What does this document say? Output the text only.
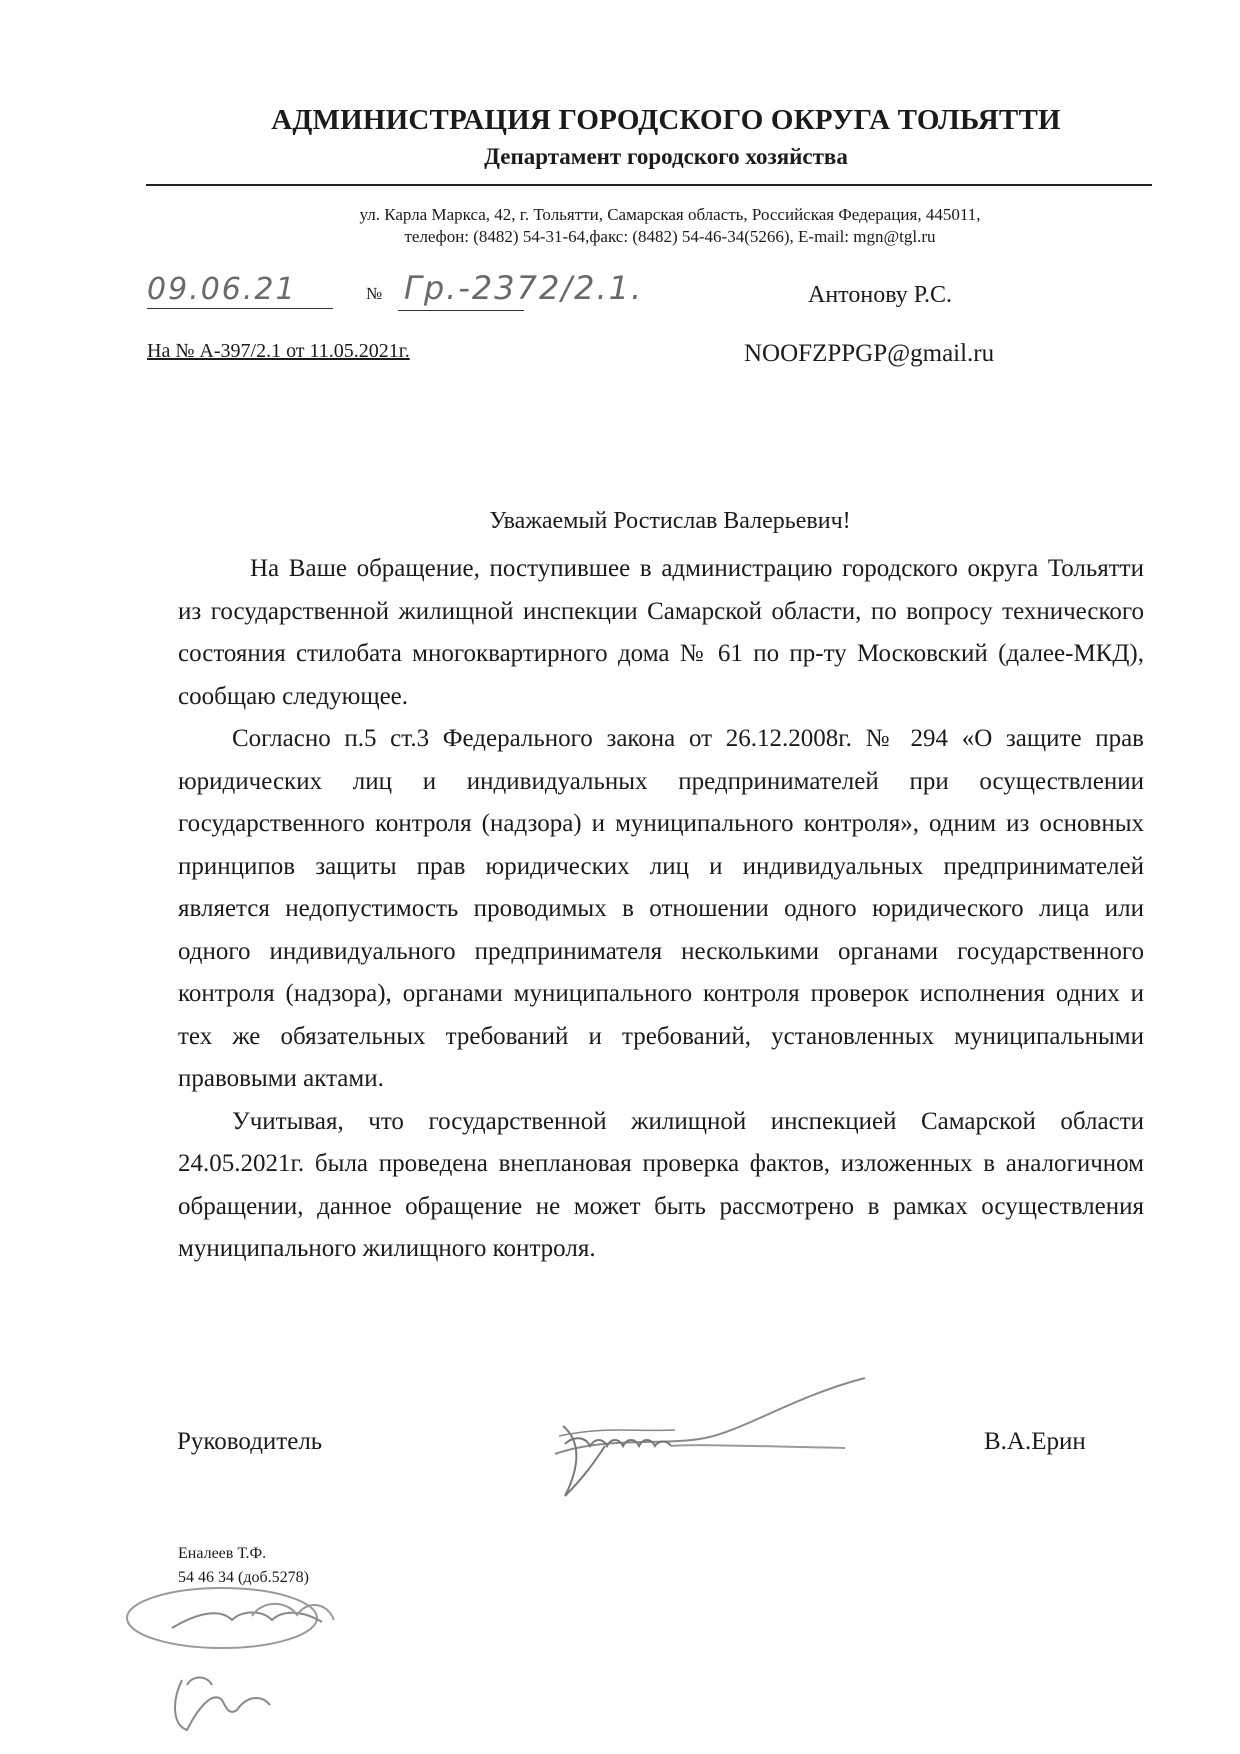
АДМИНИСТРАЦИЯ ГОРОДСКОГО ОКРУГА ТОЛЬЯТТИ
Департамент городского хозяйства
ул. Карла Маркса, 42, г. Тольятти, Самарская область, Российская Федерация, 445011,
телефон: (8482) 54-31-64,факс: (8482) 54-46-34(5266), E-mail: mgn@tgl.ru
09.06.21	№ Гр.-2372/2.1.	Антонову Р.С.
На № А-397/2.1 от 11.05.2021г.	NOOFZPPGP@gmail.ru
Уважаемый Ростислав Валерьевич!

На Ваше обращение, поступившее в администрацию городского округа Тольятти из государственной жилищной инспекции Самарской области, по вопросу технического состояния стилобата многоквартирного дома № 61 по пр-ту Московский (далее-МКД), сообщаю следующее.

Согласно п.5 ст.3 Федерального закона от 26.12.2008г. № 294 «О защите прав юридических лиц и индивидуальных предпринимателей при осуществлении государственного контроля (надзора) и муниципального контроля», одним из основных принципов защиты прав юридических лиц и индивидуальных предпринимателей является недопустимость проводимых в отношении одного юридического лица или одного индивидуального предпринимателя несколькими органами государственного контроля (надзора), органами муниципального контроля проверок исполнения одних и тех же обязательных требований и требований, установленных муниципальными правовыми актами.

Учитывая, что государственной жилищной инспекцией Самарской области 24.05.2021г. была проведена внеплановая проверка фактов, изложенных в аналогичном обращении, данное обращение не может быть рассмотрено в рамках осуществления муниципального жилищного контроля.

Руководитель	В.А.Ерин
Еналеев Т.Ф.
54 46 34 (доб.5278)
